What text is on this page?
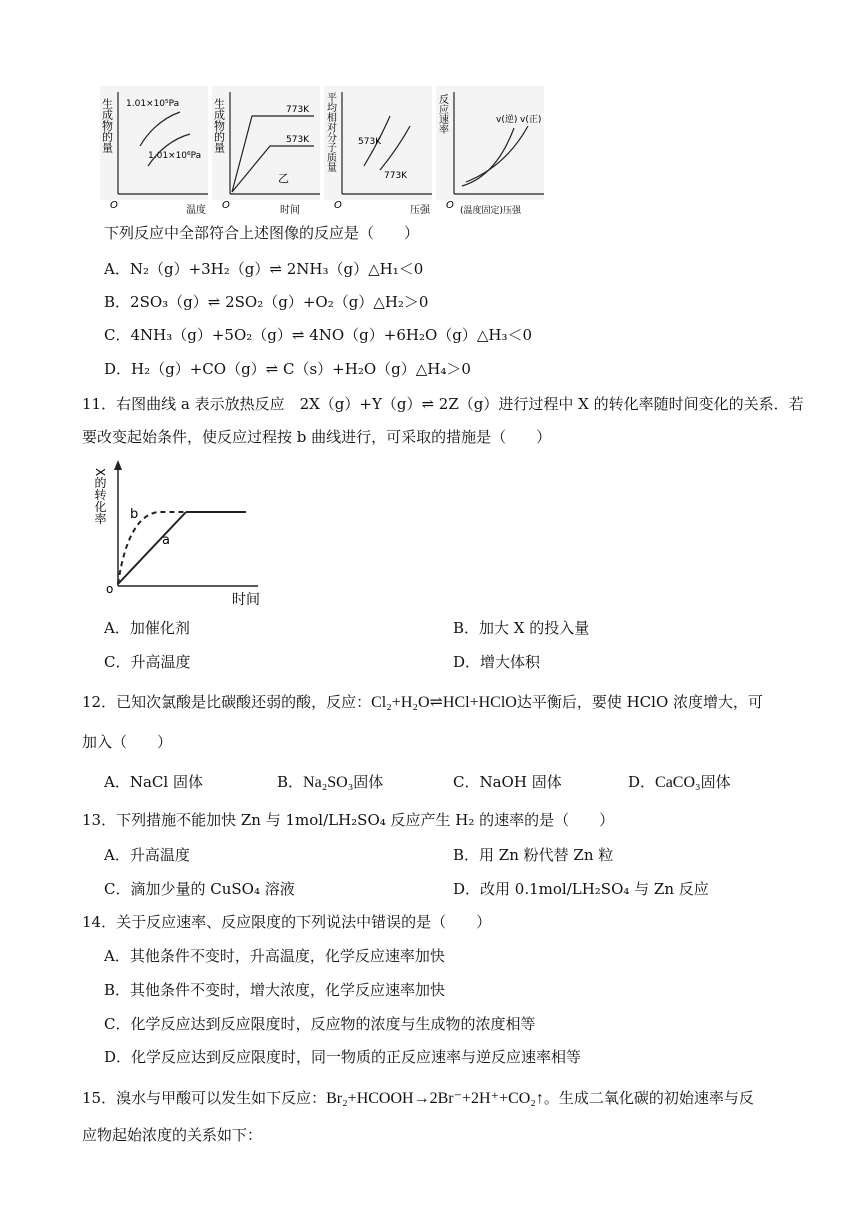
生成物的量 1.01×10⁵Pa
1.01×10⁶Pa
O	温度
生成物的量	773K
573K
乙
O	时间
平均相对分子质量	573K
773K
O	压强
反应速率	v(逆) v(正)
O (温度固定)压强
下列反应中全部符合上述图像的反应是（　　）
A．N₂（g）+3H₂（g）⇌ 2NH₃（g）△H₁＜0
B．2SO₃（g）⇌ 2SO₂（g）+O₂（g）△H₂＞0
C．4NH₃（g）+5O₂（g）⇌ 4NO（g）+6H₂O（g）△H₃＜0
D．H₂（g）+CO（g）⇌ C（s）+H₂O（g）△H₄＞0
11．右图曲线 a 表示放热反应　2X（g）+Y（g）⇌ 2Z（g）进行过程中 X 的转化率随时间变化的关系．若
要改变起始条件，使反应过程按 b 曲线进行，可采取的措施是（　　）
X的转化率 b
a
o
时间
A．加催化剂	B．加大 X 的投入量
C．升高温度	D．增大体积
12．已知次氯酸是比碳酸还弱的酸，反应：Cl₂+H₂O⇌HCl+HClO达平衡后，要使 HClO 浓度增大，可
加入（　　）
A．NaCl 固体	B．Na₂SO₃固体	C．NaOH 固体	D．CaCO₃固体
13．下列措施不能加快 Zn 与 1mol/LH₂SO₄ 反应产生 H₂ 的速率的是（　　）
A．升高温度	B．用 Zn 粉代替 Zn 粒
C．滴加少量的 CuSO₄ 溶液	D．改用 0.1mol/LH₂SO₄ 与 Zn 反应
14．关于反应速率、反应限度的下列说法中错误的是（　　）
A．其他条件不变时，升高温度，化学反应速率加快
B．其他条件不变时，增大浓度，化学反应速率加快
C．化学反应达到反应限度时，反应物的浓度与生成物的浓度相等
D．化学反应达到反应限度时，同一物质的正反应速率与逆反应速率相等
15．溴水与甲酸可以发生如下反应：Br₂+HCOOH→2Br⁻+2H⁺+CO₂↑。生成二氧化碳的初始速率与反
应物起始浓度的关系如下：
